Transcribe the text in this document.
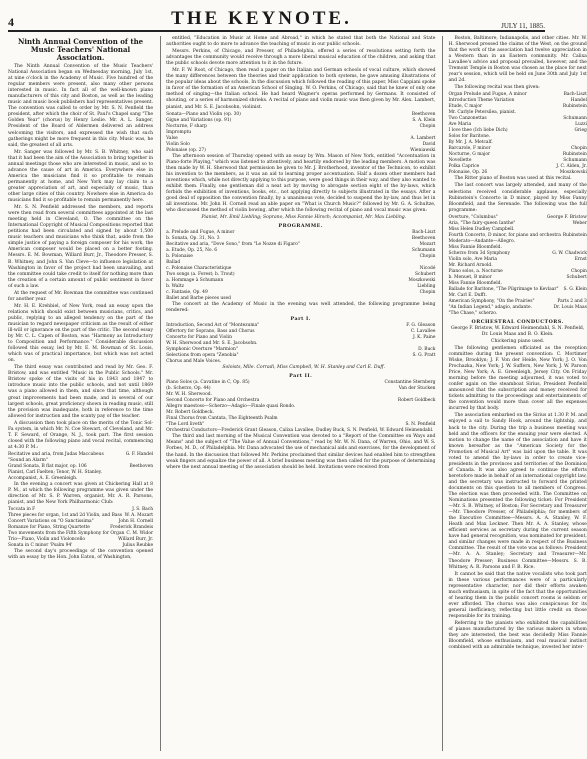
4	THE KEYNOTE.	JULY 11, 1885.
Ninth Annual Convention of the Music Teachers' National Association.

The Ninth Annual Convention of the Music Teachers' National Association began on Wednesday morning, July 1st, at nine o'clock in the Academy of Music. Five hundred of the regular members were present, also many other persons interested in music. In fact all of the well-known piano manufacturers of this city and Boston, as well as the leading music and music book publishers had representatives present. The convention was called to order by Mr. S. N. Penfield the president, after which the choir of St. Paul's Chapel sang "The Golden Year" (chorus) by Henry Leslie. Mr. A. L. Sanger, President of the Board of Aldermen delivered an address welcoming the visitors, and expressed the wish that such gatherings might be more frequent in this city. Music was, he said, the greatest of all arts.

Mr. Sanger was followed by Mr. S. B. Whitney, who said that it had been the aim of the Association to bring together in annual meetings those who are interested in music, and so to advance the cause of art in America. Everywhere else in America the musicians find it so profitable to remain permanently at home, and New York may lay claim to a greater appreciation of art, and especially of music, than other large cities of this country. Nowhere else in America do musicians find it so profitable to remain permanently here.

Mr. S. N. Penfield addressed the members, and reports were then read from several committees appointed at the last meeting held in Cleveland, O. The committee on the International Copyright of Musical Compositions reported that petitions had been circulated and signed by about 1,500 music teachers and musicians who think that, aside from the simple justice of paying a foreign composer for his work, the American composer would be placed on a better footing. Messrs. E. M. Bowman, Willard Burr, Jr., Theodore Presser, S. B. Whitney, and John S. Van Cleve—to influence legislation at Washington in favor of the project had been unavailing, and the committee could take credit to itself for nothing more than the creation of a certain amount of public sentiment in favor of such a law.

At the request of Mr. Bowman the committee was continued for another year.

Mr. H. E. Krehbiel, of New York, read an essay upon the relations which should exist between musicians, critics, and public, replying to an alleged tendency on the part of the musician to regard newspaper criticism as the result of either ill-will or ignorance on the part of the critic. The second essay by Mr. C. L. Capen of Boston, was "Harmony as Introductory to Composition and Performance." Considerable discussion followed this essay, led by Mr. E. M. Bowman of St. Louis, which was of practical importance, but which was not acted on.

The third essay was contributed and read by Mr. Geo. F. Bristow, and was entitled "Music in the Public Schools." Mr. Bristow spoke of the visits of his in 1843 and 1847 to introduce music into the public schools, and not until 1869 was a piano allowed in them, and since that time, although great improvements had been made, and in several of our largest schools, great proficiency shown in reading music, still the provision was inadequate, both in reference to the time allowed for instruction and the scanty pay of the teacher.

A discussion then took place on the merits of the Tonic Sol-Fa system, in which Mr. N. Coe Stewart, of Cleveland, and Mr. T. F. Seward, of Orange, N. J., took part. The first session closed with the following piano and vocal recital, commencing at 4:30 P. M.:

Recitative and aria, from Judas Maccabeus	G. F. Handel
"Sound an Alarm"
Grand Sonata, B flat major, op. 106	Beethoven
Pianist, Carl Faelten; Tenor, W. H. Stanley.
Accompanist, A. E. Greenleigh.

In the evening a concert was given at Chickering Hall at 8 P. M., at which the following programme was given under the direction of Mr. S. P. Warren, organist, Mr. A. R. Parsons, pianist, and the New York Philharmonic Club:

Toccata in F	J. S. Bach
Three pieces for organ, 1st and 2d Violin, and Bass W. A. Mozart
Concert Variations on "O Sanctissima"	John H. Cornell
Romanze for Piano, String Quartette	Frederick Brandeis
Two movements from the Fifth Symphony for Organ C. M. Widor
Trio—Piano, Violin and Violoncello	Willard Burr, Jr.
Sonata in C minor 'Psalm 94'	Julius Reubke

The second day's proceedings of the convention opened with an essay by the Hon. John Eaton, of Washington,

entitled, "Education in Music at Home and Abroad," in which he stated that both the National and State authorities ought to do more to advance the teaching of music in our public schools.

Messrs. Perkins, of Chicago, and Presser, of Philadelphia, offered a series of resolutions setting forth the advantages the community would receive through a more liberal musical education of the children, and asking that the public schools devote more attention to it in the future.

Mr. F. W. Root, of Chicago, then read a paper on the Italian and German schools of vocal culture, which showed the many differences between the theories and their application to both systems, he gave amusing illustrations of the popular ideas about the schools. In the discussion which followed the reading of this paper, Miss Cappiani spoke in favor of the formation of an American School of Singing. W. O. Perkins, of Chicago, said that he knew of only one method of singing—the Italian school. He had heard Wagner's operas performed by Germans. It consisted of shouting, or a series of harmonized shrieks. A recital of piano and violin music was then given by Mr. Alex. Lambert, pianist, and Mr. S. E. Jacobsohn, violinist.

Sonata—Piano and Violin (op. 30)	Beethoven
Gigue and Variations (op. 91)	S. A. Klein
Nocturne, F sharp	Chopin
Impromptu
Valse	A. Lambert
Violin Solo	David
Polonaise (op. 27)	Wieniawski

The afternoon session of Thursday opened with an essay by Wm. Mason of New York, entitled "Accentuation in Piano-forte Playing," which was listened to attentively, and heartily endorsed by the leading members. A motion was then made by W. H. Sherwood that permission be given to Mr. J. Brotherhood, inventor of the Technicon, to exhibit his invention to the members, as it was an aid to learning proper accentuation. Half a dozen other members had inventions which, while not directly applying to this purpose, were good things in their way, and they also wanted to exhibit them. Finally, one gentleman did a neat act by moving to abrogate section eight of the by-laws, which forbids the exhibition of inventions, books, etc., not applying directly to subjects illustrated in the essays. After a good deal of opposition the convention finally, by a unanimous vote, decided to suspend the by-law, and thus let in all inventions. Mr. John H. Cornell read an able paper on "What is Church Music?" followed by Mr. G. A. Schultze, who discussed the method of violin bowing, after which the following recital of piano and vocal music was given:

Pianist, Mr. Emil Liebling; Soprano, Miss Fannie Hirsch; Accompanist, Mr. Max Liebling.

PROGRAMME.
a. Prelude and Fugue, A minor	Bach-Liszt
b. Sonata, Op. 31, No. 3	Beethoven
Recitative and aria, "Dove Sono," from "Le Nozze di Figaro"	Mozart
a. Etude, Op. 25, No. 6	Schumann
b. Polonaise	Chopin
Ballad
c. Polonaise Characteristique	Nicodé
Two songs (a. Forest; b. Trout)	Schubert
a. Hommage à Schumann	Moszkowski
b. Waltz	Liebling
c. Fantasie, Op. 49	Chopin
Ballet and Barbe pieces used

The concert at the Academy of Music in the evening was well attended, the following programme being rendered:

Part I.
Introduction, Second Act of "Montezuma"	F. G. Gleason
Offertory for Soprano, Bass and Chorus	C. Lavallee
Concerto for Piano and Violin	J. K. Paine
W. H. Sherwood and Mr. S. E. Jacobsohn.
Symphonic Overture "Marmion"	D. Buck
Selections from opera "Zenobia"	S. G. Pratt
Chorus and Male Voices.

Soloists, Mlle. Corradi, Miss Campbell, W. H. Stanley and Carl E. Duff.

Part II.
Piano Solos (a. Cavatine in C, Op. 85)	Constantine Sternberg
(b. Scherzo, Op. 44)	Van der Stucken
Mr. W. H. Sherwood.
Second Concerto for Piano and Orchestra	Robert Goldbeck
Allegro maestoso—Scherzo—Adagio—Finale quasi Rondo.
Mr. Robert Goldbeck.
Final Chorus from Cantata, The Eighteenth Psalm
"The Lord liveth"	S. N. Penfield
Orchestral Conductors—Frederick Grant Gleason, Calixa Lavallee, Dudley Buck, S. N. Penfield, W. Edward Heimendahl.

The third and last morning of the Musical Convention was devoted to a "Report of the Committee on Ways and Means" and the subject of "The Value of Annual Conventions," read by Mr. W. N. Dana, of Warren, Ohio, and W. S. Forbes, M. D., of Philadelphia. Mr. Dana advocated the use of mechanical aids and exercises, for the development of the hand. In the discussion that followed Mr. Perkins proclaimed that similar devices had enabled him to strengthen weak fingers and equalize the power of all. A brief business meeting was then called for the purpose of determining where the next annual meeting of the association should be held. Invitations were received from

Boston, Baltimore, Indianapolis, and other cities. Mr. W. H. Sherwood pressed the claims of the West, on the ground that the work of the association had twelve appreciation in a Western than in an Eastern community. Mr. Calixa Lavallee's advice and proposal prevailed, however, and the Tremont Temple in Boston was chosen as the place for next year's session, which will be held on June 30th and July 1st and 2d.

The following recital was then given:

Organ Prelude and Fugue, A minor	Bach-Liszt
Introduction Theme Variation	Handel
Etude, C major	Rubinstein
Mr. Carlyle Petersilea, pianist.
Two Canzonettas	Schumann
Ave Maria	Luzzi
I love thee (Ich liebe Dich)	Grieg
Solos for Baritone.
By Mr. J. A. Metcalf.
Barcarole, F minor	Chopin
Nocturne, G major	Rubinstein
Novellette	Schumann
Polka Caprice	J. C. Alden, Jr.
Polonaise, Op. 26	Moszkowski

The Ritter piano of Boston was used at this recital.

The last concert was largely attended, and many of the selections received considerable applause, especially Rubinstein's Concerto in D minor, played by Miss Fanny Bloomfield, and the Serenade. The following was the full programme:

Overture, "Columbus"	George F. Bristow
Aria, "The fairy-queen Ianthe"	Weber
Miss Helen Dudley Campbell.
Fourth Concerto, D minor, for piano and orchestra Rubinstein
Moderato—Andante—Allegro.
Miss Fannie Bloomfield.
Scherzo from 3d Symphony	G. W. Chadwick
Violin solo, Ave Maria	Ernst
Mr. Richard Arnold.
Piano solos, a. Nocturne	Chopin
b. Menuet, B minor	Schubert
Miss Fannie Bloomfield.
Ballade for Baritone, "The Pilgrimage to Kevlaar"	S. G. Klein
Mr. Carl E. Dufft.
American Symphony, "On the Prairies"	Parts 2 and 3
"An Indian Legend," adagio, andante.	Dr. Louis Maas
"The Chase," scherzo.
ORCHESTRAL CONDUCTORS.

George F. Bristow, W. Edward Heimendahl, S. N. Penfield, Dr. Louis Maas and B. O. Klein.

Chickering piano used.

The following gentlemen officiated as the reception committee during the present convention: C. Mortimer Wiske, Brooklyn; J. F. Von der Heide, New York; J. O. Von Prochazka, New York; J. W. Suffern, New York; J. W. Parson Price, New York; A. E. Greenleigh, Jersey City. On Friday morning before the meeting adjourned, it was voted to confer again on the steamboat Sirius, President Penfield announced that the subscription and money received for tickets admitting to the proceedings and entertainments of the convention would more than cover all the expenses incurred by that body.

The association embarked on the Sirius at 1.30 P. M. and enjoyed a sail to Sandy Hook, around the lightship, and back to the city. During the trip a business meeting was held and the officers for the ensuing year were elected. A motion to change the name of the association and have it known hereafter as the "American Society for the Promotion of Musical Art" was laid upon the table. It was voted to amend the by-laws in order to create vice-presidents in the provinces and territories of the Dominion of Canada. It was also agreed to continue the efforts heretofore made in behalf of an international copyright law, and the secretary was instructed to forward the printed documents on this question to all members of Congress. The election was then proceeded with. The Committee on Nominations presented the following ticket: For President—Mr. S. B. Whitney, of Boston; For Secretary and Treasurer—Mr. Theodore Presser, of Philadelphia; for members of the Executive Committee—Messrs. A. A. Stanley, W. F. Heath and Max Leckner. Then Mr. A. A. Stanley, whose efficient services as secretary during the current season have had general recognition, was nominated for president, and similar changes were made in respect of the Business Committee. The result of the vote was as follows: President—Mr. A. A. Stanley; Secretary and Treasurer—Mr. Theodore Presser; Business Committee—Messrs. S. B. Whitney, A. R. Parsons and F. B. Rice.

It cannot be said that the native vocalists who took part in these various performances were of a particularly representative character, nor did their efforts awaken much enthusiasm, in spite of the fact that the opportunities of hearing them in the public concert rooms is seldom or ever afforded. The chorus was also conspicuous for its general inefficiency, reflecting but little credit on those responsible for its training.

Referring to the pianists who exhibited the capabilities of pianos manufactured by the various makers in whom they are interested, the best was decidedly Miss Fannie Bloomfield, whose enthusiasm, and real musical instinct combined with an admirable technique, invested her inter-
